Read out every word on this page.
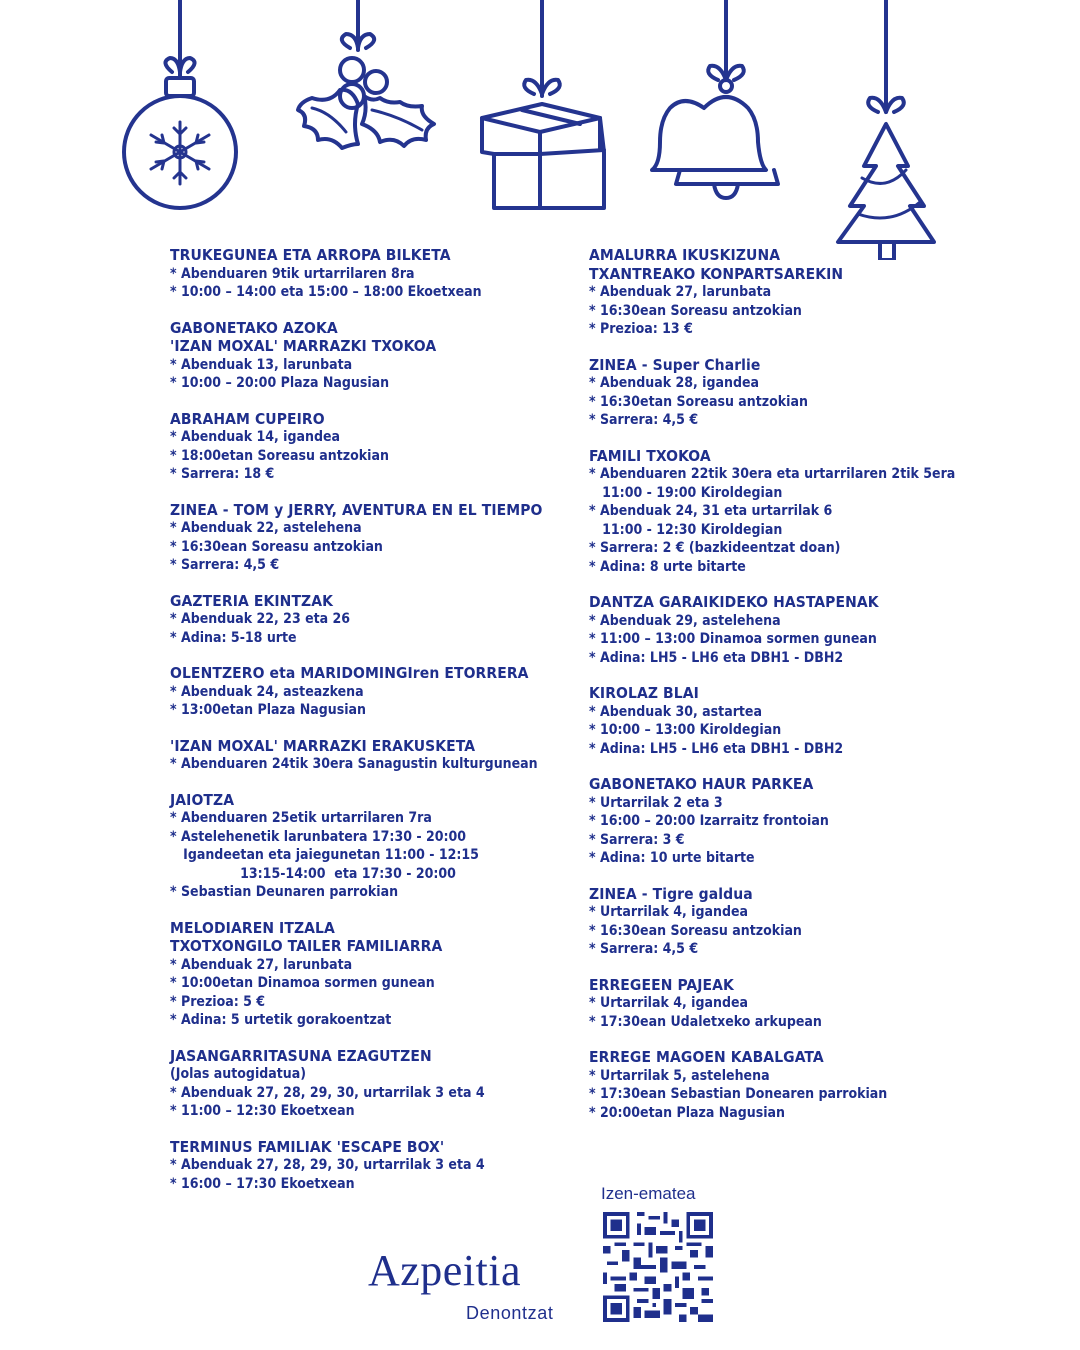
TRUKEGUNEA ETA ARROPA BILKETA
* Abenduaren 9tik urtarrilaren 8ra
* 10:00 – 14:00 eta 15:00 – 18:00 Ekoetxean
GABONETAKO AZOKA
'IZAN MOXAL' MARRAZKI TXOKOA
* Abenduak 13, larunbata
* 10:00 – 20:00 Plaza Nagusian
ABRAHAM CUPEIRO
* Abenduak 14, igandea
* 18:00etan Soreasu antzokian
* Sarrera: 18 €
ZINEA - TOM y JERRY, AVENTURA EN EL TIEMPO
* Abenduak 22, astelehena
* 16:30ean Soreasu antzokian
* Sarrera: 4,5 €
GAZTERIA EKINTZAK
* Abenduak 22, 23 eta 26
* Adina: 5-18 urte
OLENTZERO eta MARIDOMINGIren ETORRERA
* Abenduak 24, asteazkena
* 13:00etan Plaza Nagusian
'IZAN MOXAL' MARRAZKI ERAKUSKETA
* Abenduaren 24tik 30era Sanagustin kulturgunean
JAIOTZA
* Abenduaren 25etik urtarrilaren 7ra
* Astelehenetik larunbatera 17:30 - 20:00
Igandeetan eta jaiegunetan 11:00 - 12:15
13:15-14:00  eta 17:30 - 20:00
* Sebastian Deunaren parrokian
MELODIAREN ITZALA
TXOTXONGILO TAILER FAMILIARRA
* Abenduak 27, larunbata
* 10:00etan Dinamoa sormen gunean
* Prezioa: 5 €
* Adina: 5 urtetik gorakoentzat
JASANGARRITASUNA EZAGUTZEN
(Jolas autogidatua)
* Abenduak 27, 28, 29, 30, urtarrilak 3 eta 4
* 11:00 – 12:30 Ekoetxean
TERMINUS FAMILIAK 'ESCAPE BOX'
* Abenduak 27, 28, 29, 30, urtarrilak 3 eta 4
* 16:00 – 17:30 Ekoetxean
AMALURRA IKUSKIZUNA
TXANTREAKO KONPARTSAREKIN
* Abenduak 27, larunbata
* 16:30ean Soreasu antzokian
* Prezioa: 13 €
ZINEA - Super Charlie
* Abenduak 28, igandea
* 16:30etan Soreasu antzokian
* Sarrera: 4,5 €
FAMILI TXOKOA
* Abenduaren 22tik 30era eta urtarrilaren 2tik 5era
11:00 - 19:00 Kiroldegian
* Abenduak 24, 31 eta urtarrilak 6
11:00 - 12:30 Kiroldegian
* Sarrera: 2 € (bazkideentzat doan)
* Adina: 8 urte bitarte
DANTZA GARAIKIDEKO HASTAPENAK
* Abenduak 29, astelehena
* 11:00 – 13:00 Dinamoa sormen gunean
* Adina: LH5 - LH6 eta DBH1 - DBH2
KIROLAZ BLAI
* Abenduak 30, astartea
* 10:00 – 13:00 Kiroldegian
* Adina: LH5 - LH6 eta DBH1 - DBH2
GABONETAKO HAUR PARKEA
* Urtarrilak 2 eta 3
* 16:00 – 20:00 Izarraitz frontoian
* Sarrera: 3 €
* Adina: 10 urte bitarte
ZINEA - Tigre galdua
* Urtarrilak 4, igandea
* 16:30ean Soreasu antzokian
* Sarrera: 4,5 €
ERREGEEN PAJEAK
* Urtarrilak 4, igandea
* 17:30ean Udaletxeko arkupean
ERREGE MAGOEN KABALGATA
* Urtarrilak 5, astelehena
* 17:30ean Sebastian Donearen parrokian
* 20:00etan Plaza Nagusian
Izen-ematea
Azpeitia
Denontzat
